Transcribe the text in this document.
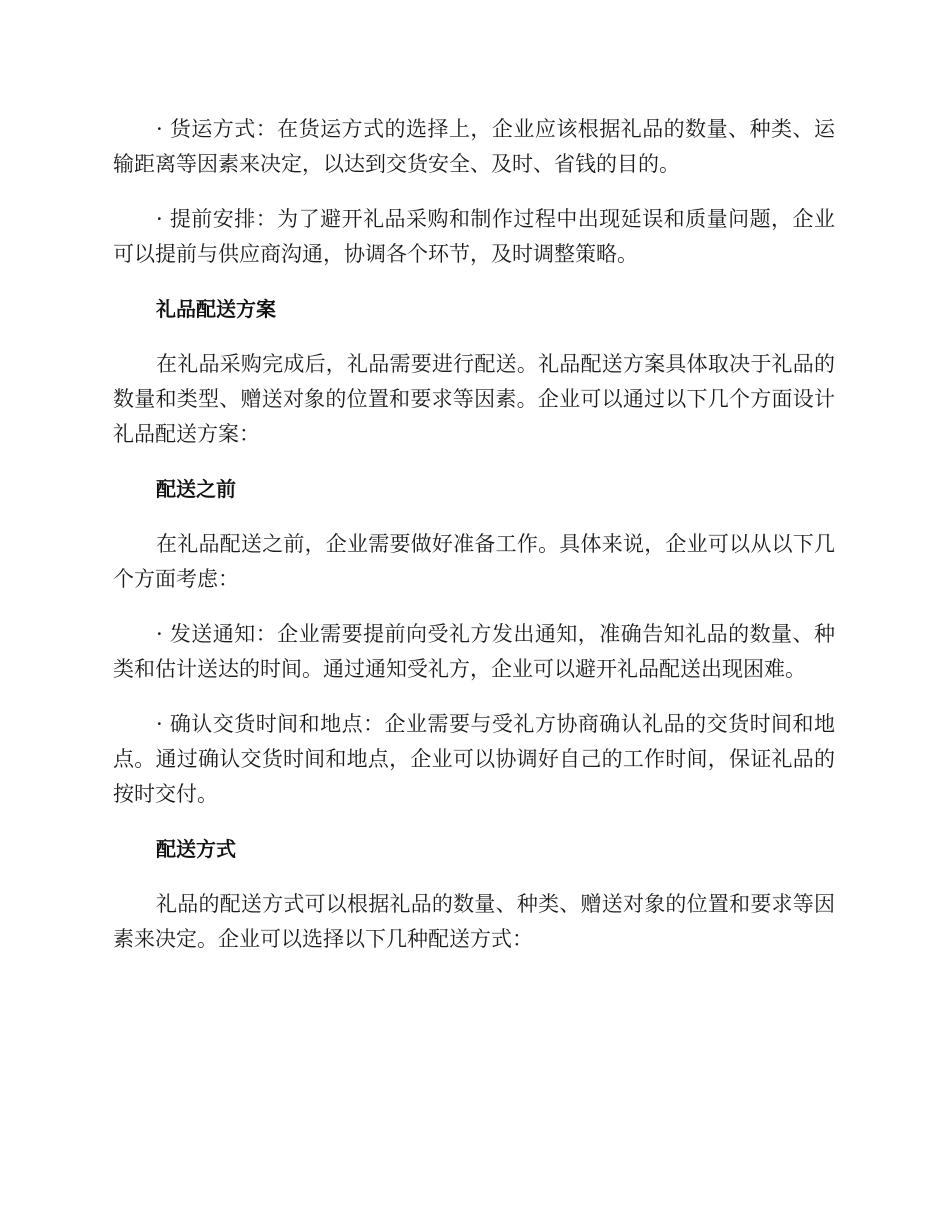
· 货运方式：在货运方式的选择上，企业应该根据礼品的数量、种类、运输距离等因素来决定，以达到交货安全、及时、省钱的目的。

· 提前安排：为了避开礼品采购和制作过程中出现延误和质量问题，企业可以提前与供应商沟通，协调各个环节，及时调整策略。

礼品配送方案

在礼品采购完成后，礼品需要进行配送。礼品配送方案具体取决于礼品的数量和类型、赠送对象的位置和要求等因素。企业可以通过以下几个方面设计礼品配送方案：

配送之前

在礼品配送之前，企业需要做好准备工作。具体来说，企业可以从以下几个方面考虑：

· 发送通知：企业需要提前向受礼方发出通知，准确告知礼品的数量、种类和估计送达的时间。通过通知受礼方，企业可以避开礼品配送出现困难。

· 确认交货时间和地点：企业需要与受礼方协商确认礼品的交货时间和地点。通过确认交货时间和地点，企业可以协调好自己的工作时间，保证礼品的按时交付。

配送方式

礼品的配送方式可以根据礼品的数量、种类、赠送对象的位置和要求等因素来决定。企业可以选择以下几种配送方式：
